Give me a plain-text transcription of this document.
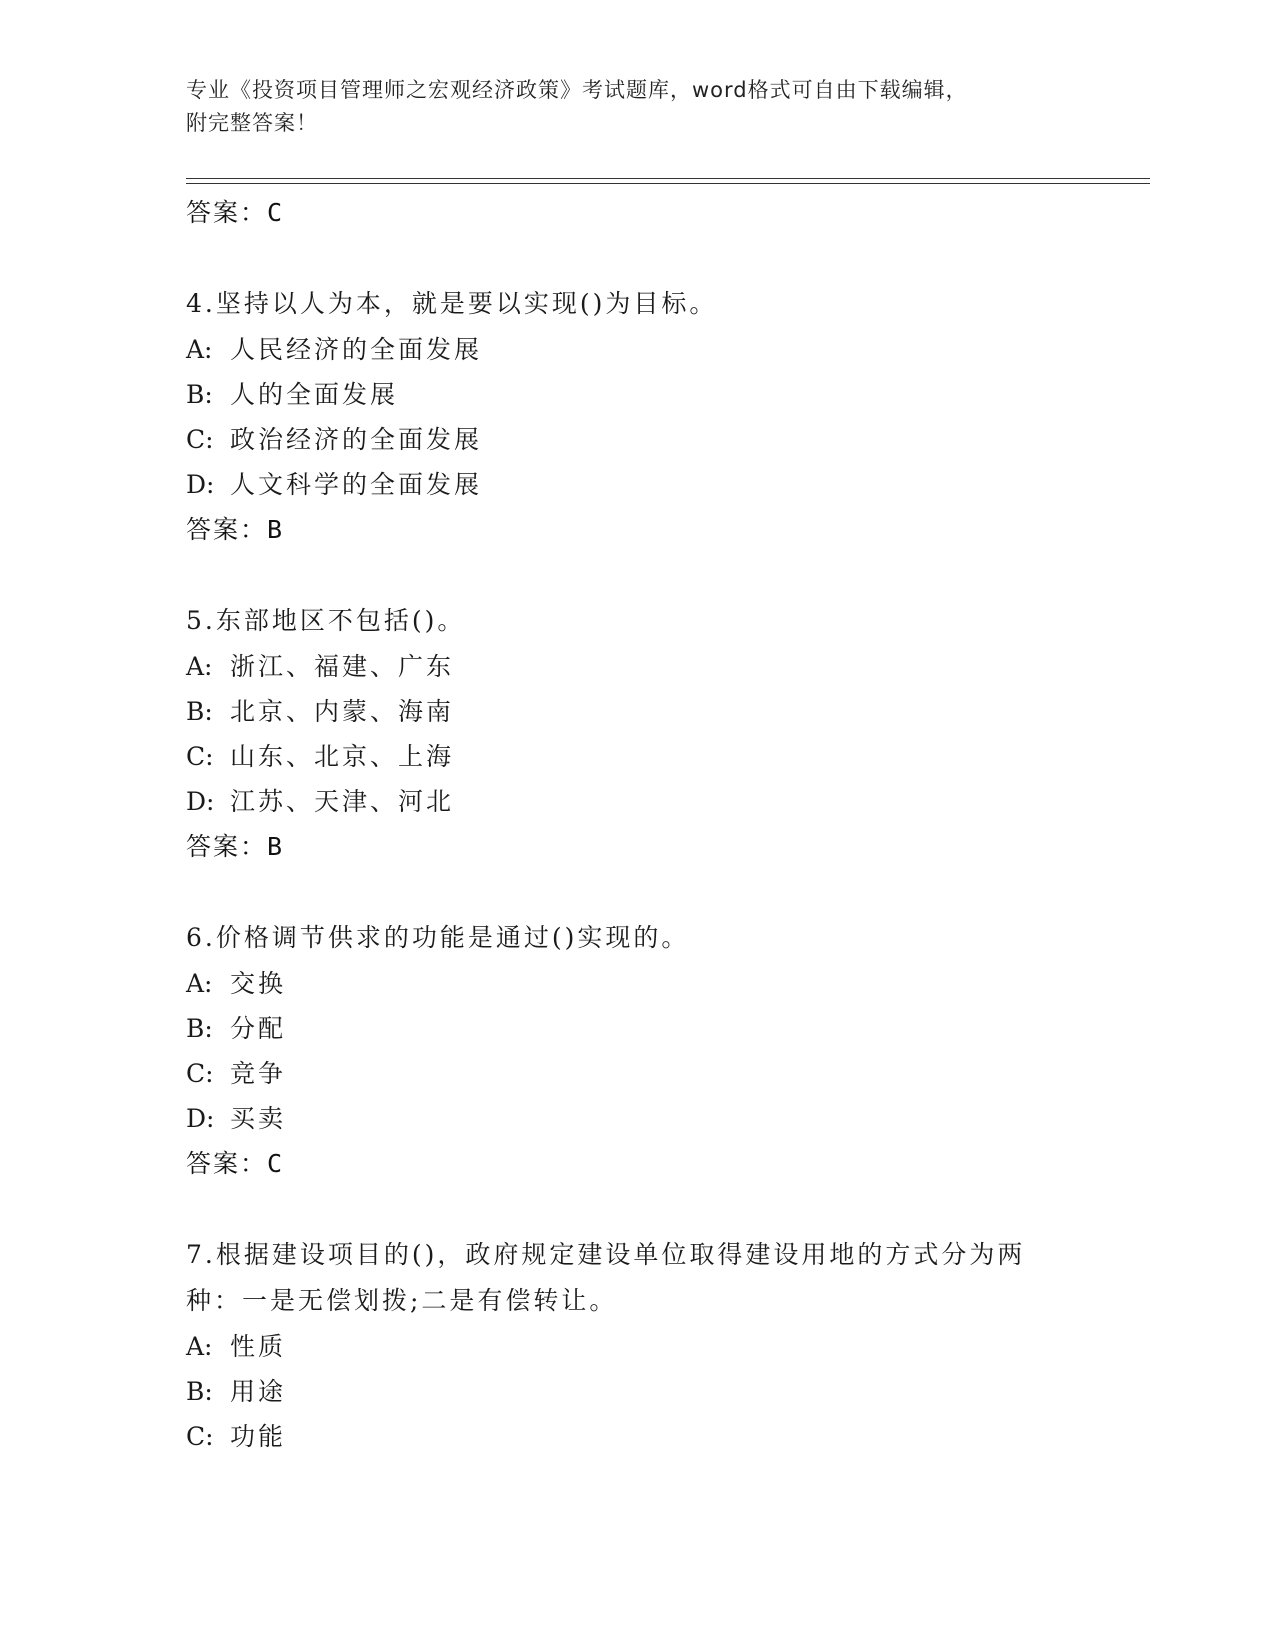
专业《投资项目管理师之宏观经济政策》考试题库，word格式可自由下载编辑，
附完整答案！
答案：C
4.坚持以人为本，就是要以实现()为目标。
A: 人民经济的全面发展
B: 人的全面发展
C: 政治经济的全面发展
D: 人文科学的全面发展
答案：B
5.东部地区不包括()。
A: 浙江、福建、广东
B: 北京、内蒙、海南
C: 山东、北京、上海
D: 江苏、天津、河北
答案：B
6.价格调节供求的功能是通过()实现的。
A: 交换
B: 分配
C: 竞争
D: 买卖
答案：C
7.根据建设项目的()，政府规定建设单位取得建设用地的方式分为两
种：一是无偿划拨;二是有偿转让。
A: 性质
B: 用途
C: 功能
